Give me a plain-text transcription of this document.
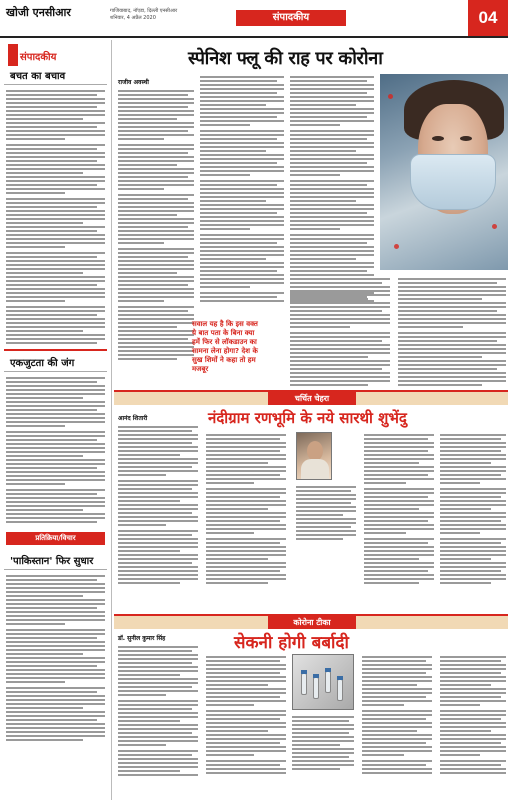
खोजी एनसीआर	गाजियाबाद, नॉएडा, दिल्ली एनसीआर
शनिवार, 4 अप्रैल 2020	संपादकीय	04
संपादकीय
बचत का बचाव
एकजुटता की जंग
प्रतिक्रिया/विचार
'पाकिस्तान' फिर सुधार
स्पेनिश फ्लू की राह पर कोरोना
राजीव अवस्थी
सवाल यह है कि इस वक्त ये बात पता के बिना क्या हमें फिर से लॉकडाउन का सामना लेना होगा? देश के सुख शिमों ने कहा तो हम मजबूर
चर्चित चेहरा
आनंद शितारी	नंदीग्राम रणभूमि के नये सारथी शुभेंदु
कोरोना टीका
डॉ. सुनील कुमार सिंह	सेकनी होगी बर्बादी
